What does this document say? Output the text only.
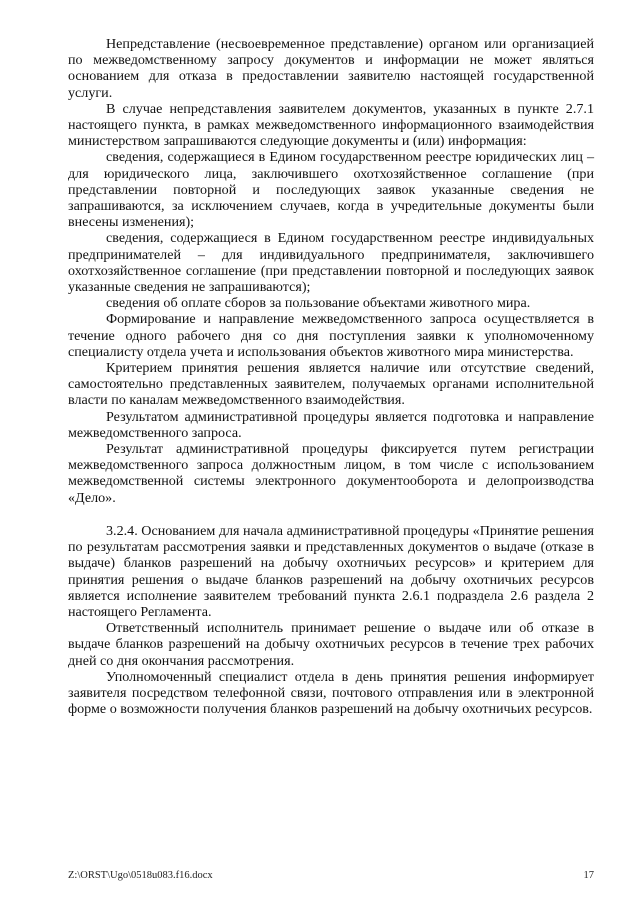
Непредставление (несвоевременное представление) органом или организацией по межведомственному запросу документов и информации не может являться основанием для отказа в предоставлении заявителю настоящей государственной услуги.

В случае непредставления заявителем документов, указанных в пункте 2.7.1 настоящего пункта, в рамках межведомственного информационного взаимодействия министерством запрашиваются следующие документы и (или) информация:

сведения, содержащиеся в Едином государственном реестре юридических лиц – для юридического лица, заключившего охотхозяйственное соглашение (при представлении повторной и последующих заявок указанные сведения не запрашиваются, за исключением случаев, когда в учредительные документы были внесены изменения);

сведения, содержащиеся в Едином государственном реестре индивидуальных предпринимателей – для индивидуального предпринимателя, заключившего охотхозяйственное соглашение (при представлении повторной и последующих заявок указанные сведения не запрашиваются);

сведения об оплате сборов за пользование объектами животного мира.

Формирование и направление межведомственного запроса осуществляется в течение одного рабочего дня со дня поступления заявки к уполномоченному специалисту отдела учета и использования объектов животного мира министерства.

Критерием принятия решения является наличие или отсутствие сведений, самостоятельно представленных заявителем, получаемых органами исполнительной власти по каналам межведомственного взаимодействия.

Результатом административной процедуры является подготовка и направление межведомственного запроса.

Результат административной процедуры фиксируется путем регистрации межведомственного запроса должностным лицом, в том числе с использованием межведомственной системы электронного документооборота и делопроизводства «Дело».

3.2.4. Основанием для начала административной процедуры «Принятие решения по результатам рассмотрения заявки и представленных документов о выдаче (отказе в выдаче) бланков разрешений на добычу охотничьих ресурсов» и критерием для принятия решения о выдаче бланков разрешений на добычу охотничьих ресурсов является исполнение заявителем требований пункта 2.6.1 подраздела 2.6 раздела 2 настоящего Регламента.

Ответственный исполнитель принимает решение о выдаче или об отказе в выдаче бланков разрешений на добычу охотничьих ресурсов в течение трех рабочих дней со дня окончания рассмотрения.

Уполномоченный специалист отдела в день принятия решения информирует заявителя посредством телефонной связи, почтового отправления или в электронной форме о возможности получения бланков разрешений на добычу охотничьих ресурсов.

Z:\ORST\Ugo\0518u083.f16.docx	17
